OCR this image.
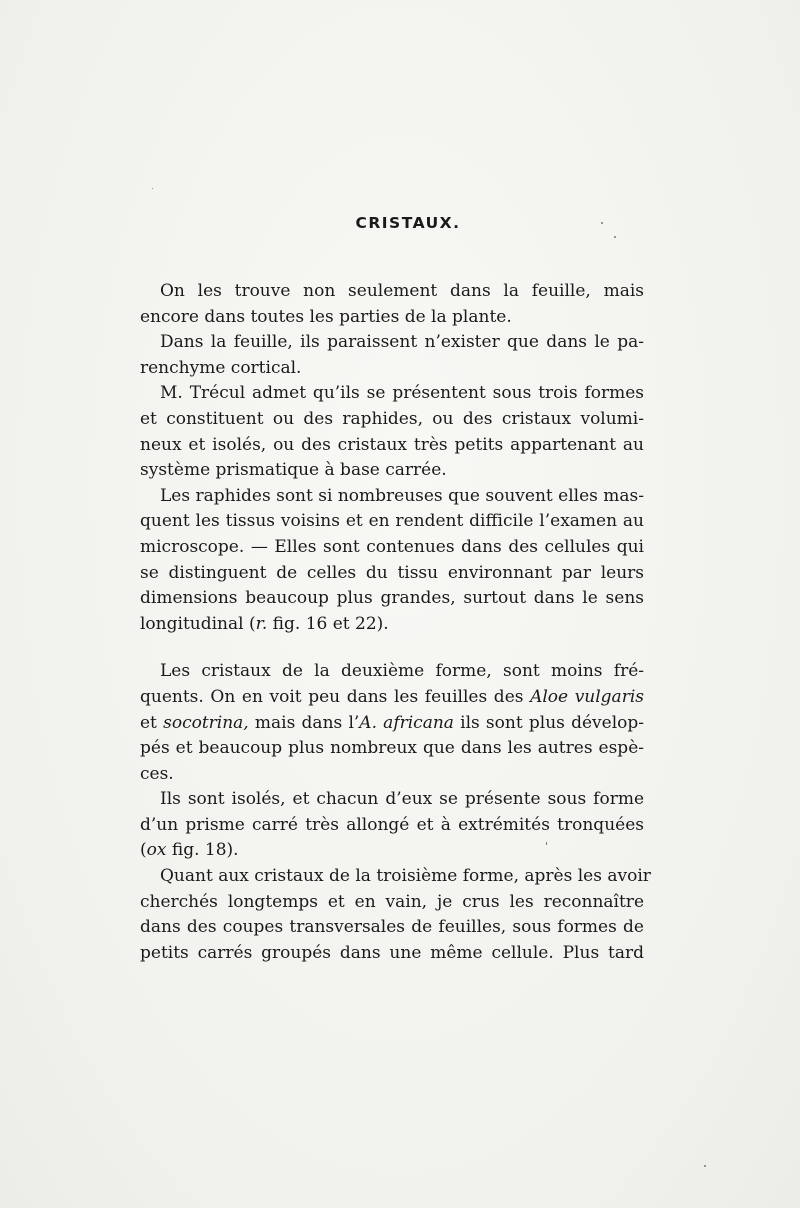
CRISTAUX.

On les trouve non seulement dans la feuille, mais
encore dans toutes les parties de la plante.

Dans la feuille, ils paraissent n’exister que dans le pa-
renchyme cortical.

M. Trécul admet qu’ils se présentent sous trois formes
et constituent ou des raphides, ou des cristaux volumi-
neux et isolés, ou des cristaux très petits appartenant au
système prismatique à base carrée.

Les raphides sont si nombreuses que souvent elles mas-
quent les tissus voisins et en rendent difficile l’examen au
microscope. — Elles sont contenues dans des cellules qui
se distinguent de celles du tissu environnant par leurs
dimensions beaucoup plus grandes, surtout dans le sens
longitudinal (r. fig. 16 et 22).

Les cristaux de la deuxième forme, sont moins fré-
quents. On en voit peu dans les feuilles des Aloe vulgaris
et socotrina, mais dans l’A. africana ils sont plus dévelop-
pés et beaucoup plus nombreux que dans les autres espè-
ces.

Ils sont isolés, et chacun d’eux se présente sous forme
d’un prisme carré très allongé et à extrémités tronquées
(ox fig. 18).

Quant aux cristaux de la troisième forme, après les avoir
cherchés longtemps et en vain, je crus les reconnaître
dans des coupes transversales de feuilles, sous formes de
petits carrés groupés dans une même cellule. Plus tard
